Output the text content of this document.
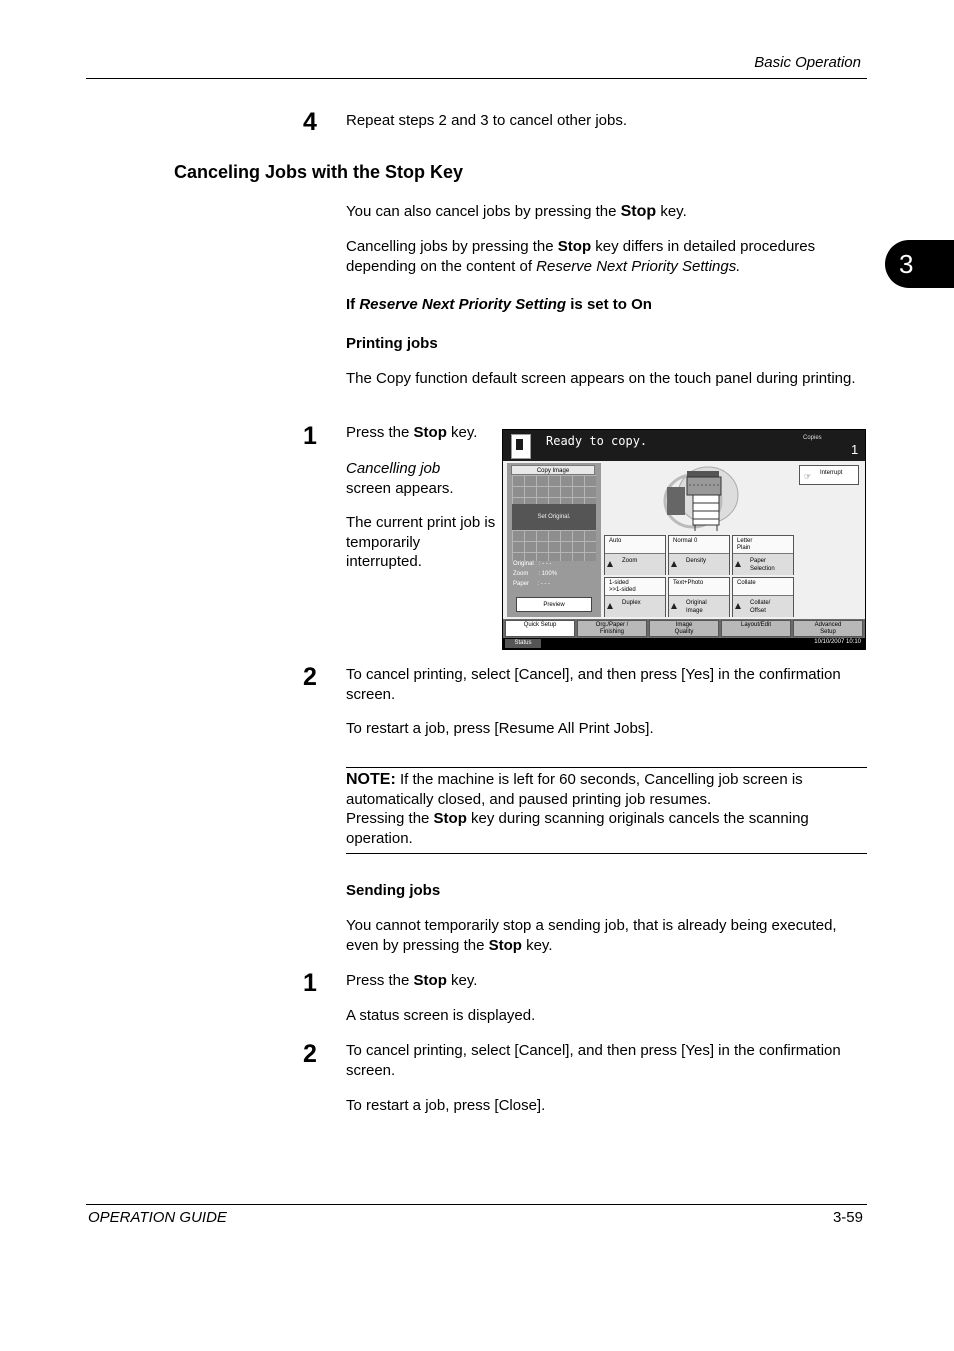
Basic Operation
3
4 Repeat steps 2 and 3 to cancel other jobs.
Canceling Jobs with the Stop Key
You can also cancel jobs by pressing the Stop key.
Cancelling jobs by pressing the Stop key differs in detailed procedures depending on the content of Reserve Next Priority Settings.
If Reserve Next Priority Setting is set to On
Printing jobs
The Copy function default screen appears on the touch panel during printing.
1 Press the Stop key.
Cancelling job
screen appears.
The current print job is temporarily interrupted.
Ready to copy.	Copies
1
Copy Image
Set Original.
Original : - - -
Zoom : 100%
Paper : - - -
Preview
☞ Interrupt
Auto

Zoom

Normal 0

Density

Letter
Plain
Paper
Selection
1-sided
>>1-sided
Duplex

Text+Photo

Original
Image
Collate

Collate/
Offset
Quick Setup	Org./Paper /
Finishing
Image
Quality
Layout/Edit	Advanced
Setup
Status	10/10/2007 10:10
2 To cancel printing, select [Cancel], and then press [Yes] in the confirmation screen.
To restart a job, press [Resume All Print Jobs].
NOTE: If the machine is left for 60 seconds, Cancelling job screen is automatically closed, and paused printing job resumes.
Pressing the Stop key during scanning originals cancels the scanning operation.
Sending jobs
You cannot temporarily stop a sending job, that is already being executed, even by pressing the Stop key.
1 Press the Stop key.
A status screen is displayed.
2 To cancel printing, select [Cancel], and then press [Yes] in the confirmation screen.
To restart a job, press [Close].
OPERATION GUIDE	3-59
